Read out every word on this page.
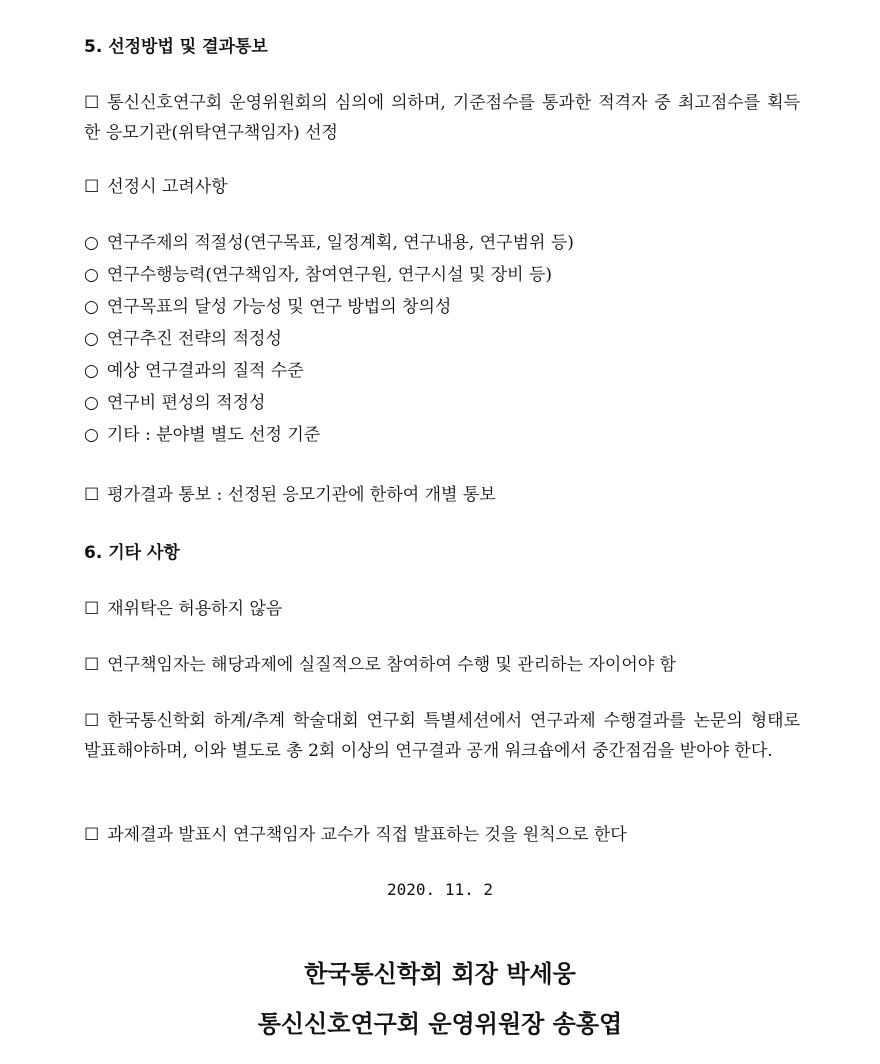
5. 선정방법 및 결과통보
☐ 통신신호연구회 운영위원회의 심의에 의하며, 기준점수를 통과한 적격자 중 최고점수를 획득한 응모기관(위탁연구책임자) 선정
☐ 선정시 고려사항
○ 연구주제의 적절성(연구목표, 일정계획, 연구내용, 연구범위 등)
○ 연구수행능력(연구책임자, 참여연구원, 연구시설 및 장비 등)
○ 연구목표의 달성 가능성 및 연구 방법의 창의성
○ 연구추진 전략의 적정성
○ 예상 연구결과의 질적 수준
○ 연구비 편성의 적정성
○ 기타 : 분야별 별도 선정 기준
☐ 평가결과 통보 : 선정된 응모기관에 한하여 개별 통보
6. 기타 사항
☐ 재위탁은 허용하지 않음
☐ 연구책임자는 해당과제에 실질적으로 참여하여 수행 및 관리하는 자이어야 함
☐ 한국통신학회 하계/추계 학술대회 연구회 특별세션에서 연구과제 수행결과를 논문의 형태로 발표해야하며, 이와 별도로 총 2회 이상의 연구결과 공개 워크숍에서 중간점검을 받아야 한다.
☐ 과제결과 발표시 연구책임자 교수가 직접 발표하는 것을 원칙으로 한다
2020. 11. 2
한국통신학회 회장 박세웅
통신신호연구회 운영위원장 송홍엽
